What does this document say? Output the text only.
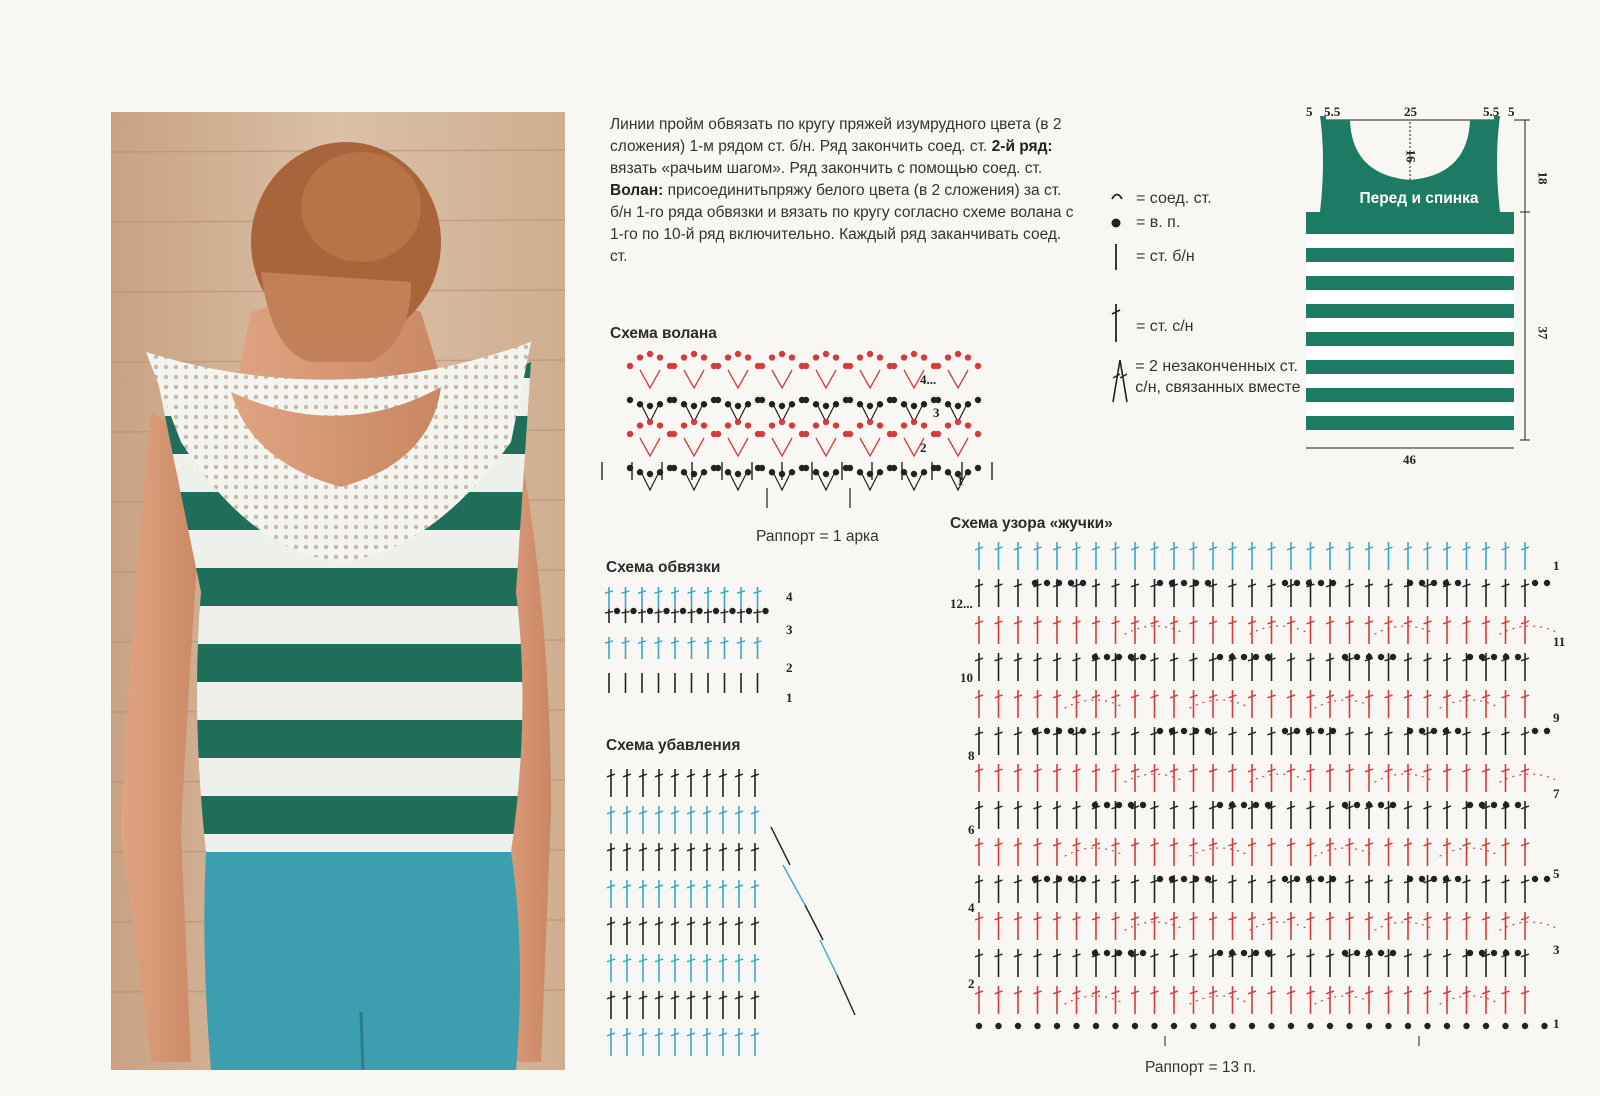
Линии пройм обвязать по кругу пряжей изумрудного цвета (в 2 сложения) 1-м рядом ст. б/н. Ряд закончить соед. ст. 2-й ряд: вязать «рачьим шагом». Ряд закончить с помощью соед. ст.

Волан: присоединитьпряжу белого цвета (в 2 сложения) за ст. б/н 1-го ряда обвязки и вязать по кругу согласно схеме волана с 1-го по 10-й ряд включительно. Каждый ряд заканчивать соед. ст.

= соед. ст.
= в. п.
= ст. б/н
= ст. с/н
= 2 незаконченных ст. с/н, связанных вместе
5 5.5	25	5.5 5
16
18
37
46
Перед и спинка
Схема волана
4...
3
2
1
Раппорт = 1 арка
Схема обвязки
4
3
2
1
Схема убавления
Схема узора «жучки»
12...
10
8
6
4
2
1
11
9
7
5
3
1
Раппорт = 13 п.
